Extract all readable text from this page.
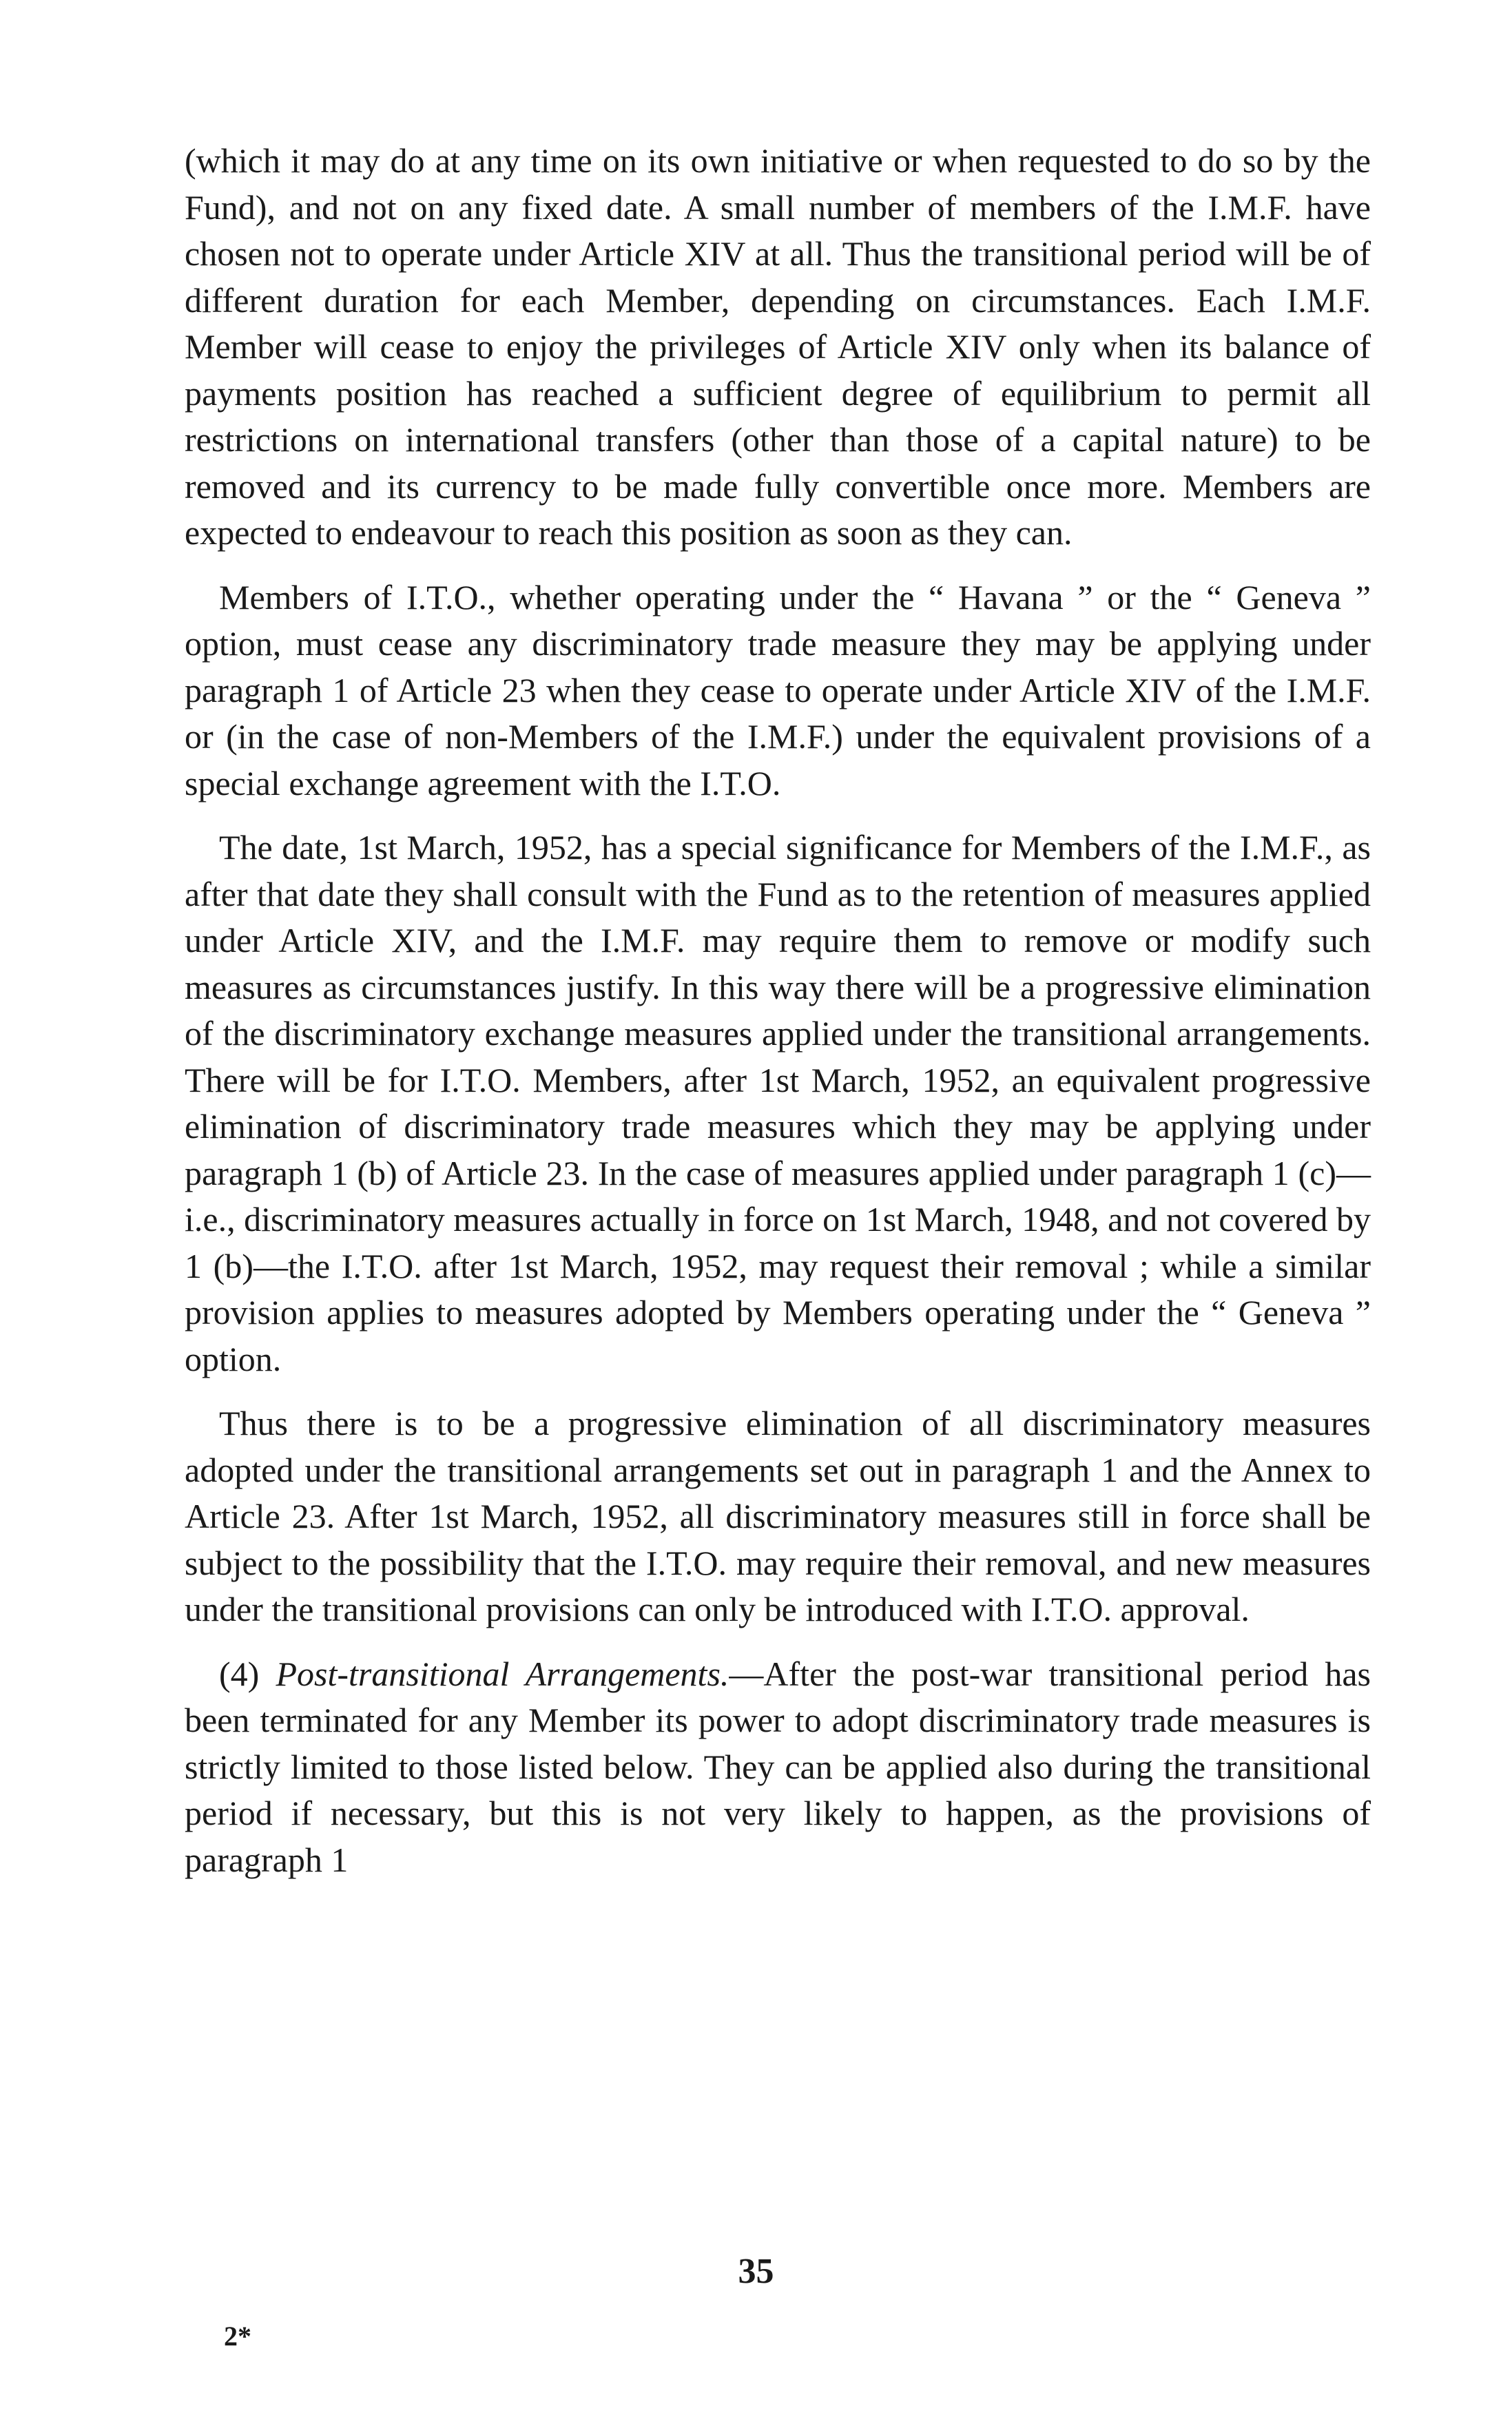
(which it may do at any time on its own initiative or when requested to do so by the Fund), and not on any fixed date. A small number of members of the I.M.F. have chosen not to operate under Article XIV at all. Thus the transitional period will be of different duration for each Member, depending on circumstances. Each I.M.F. Member will cease to enjoy the privileges of Article XIV only when its balance of payments position has reached a sufficient degree of equilibrium to permit all restrictions on international transfers (other than those of a capital nature) to be removed and its currency to be made fully convertible once more. Members are expected to endeavour to reach this position as soon as they can.

Members of I.T.O., whether operating under the “ Havana ” or the “ Geneva ” option, must cease any discriminatory trade measure they may be applying under paragraph 1 of Article 23 when they cease to operate under Article XIV of the I.M.F. or (in the case of non-Members of the I.M.F.) under the equivalent provisions of a special exchange agreement with the I.T.O.

The date, 1st March, 1952, has a special significance for Members of the I.M.F., as after that date they shall consult with the Fund as to the retention of measures applied under Article XIV, and the I.M.F. may require them to remove or modify such measures as circumstances justify. In this way there will be a progressive elimination of the discriminatory exchange measures applied under the transitional arrangements. There will be for I.T.O. Members, after 1st March, 1952, an equivalent progressive elimination of discriminatory trade measures which they may be applying under paragraph 1 (b) of Article 23. In the case of measures applied under paragraph 1 (c)—i.e., discriminatory measures actually in force on 1st March, 1948, and not covered by 1 (b)—the I.T.O. after 1st March, 1952, may request their removal ; while a similar provision applies to measures adopted by Members operating under the “ Geneva ” option.

Thus there is to be a progressive elimination of all discriminatory measures adopted under the transitional arrangements set out in paragraph 1 and the Annex to Article 23. After 1st March, 1952, all discriminatory measures still in force shall be subject to the possibility that the I.T.O. may require their removal, and new measures under the transitional provisions can only be introduced with I.T.O. approval.

(4) Post-transitional Arrangements.—After the post-war transitional period has been terminated for any Member its power to adopt discriminatory trade measures is strictly limited to those listed below. They can be applied also during the transitional period if necessary, but this is not very likely to happen, as the provisions of paragraph 1

35
2*
